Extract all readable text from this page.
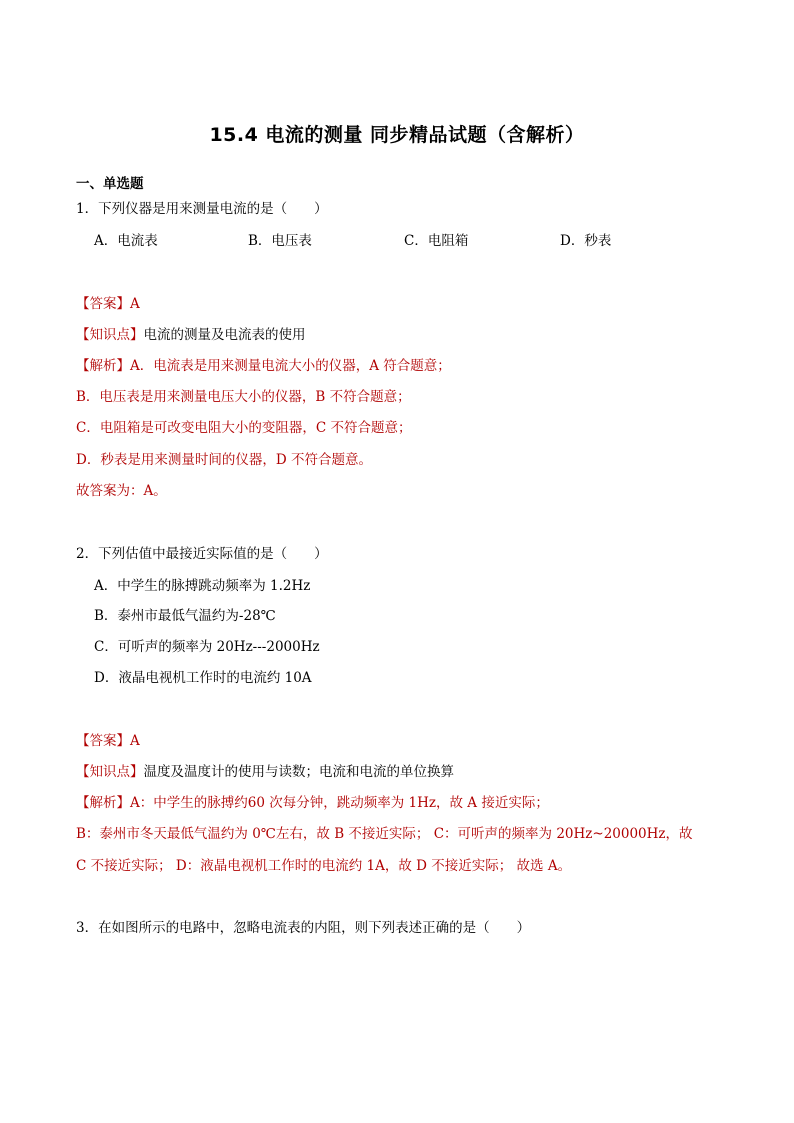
15.4 电流的测量 同步精品试题（含解析）
一、单选题
1．下列仪器是用来测量电流的是（　　）
A．电流表	B．电压表	C．电阻箱	D．秒表
【答案】A
【知识点】电流的测量及电流表的使用
【解析】A．电流表是用来测量电流大小的仪器，A 符合题意；
B．电压表是用来测量电压大小的仪器，B 不符合题意；
C．电阻箱是可改变电阻大小的变阻器，C 不符合题意；
D．秒表是用来测量时间的仪器，D 不符合题意。
故答案为：A。
2．下列估值中最接近实际值的是（　　）
A．中学生的脉搏跳动频率为 1.2Hz
B．泰州市最低气温约为-28℃
C．可听声的频率为 20Hz---2000Hz
D．液晶电视机工作时的电流约 10A
【答案】A
【知识点】温度及温度计的使用与读数；电流和电流的单位换算
【解析】A：中学生的脉搏约60 次每分钟，跳动频率为 1Hz，故 A 接近实际；
B：泰州市冬天最低气温约为 0℃左右，故 B 不接近实际； C：可听声的频率为 20Hz~20000Hz，故
C 不接近实际； D：液晶电视机工作时的电流约 1A，故 D 不接近实际； 故选 A。
3．在如图所示的电路中，忽略电流表的内阻，则下列表述正确的是（　　）
